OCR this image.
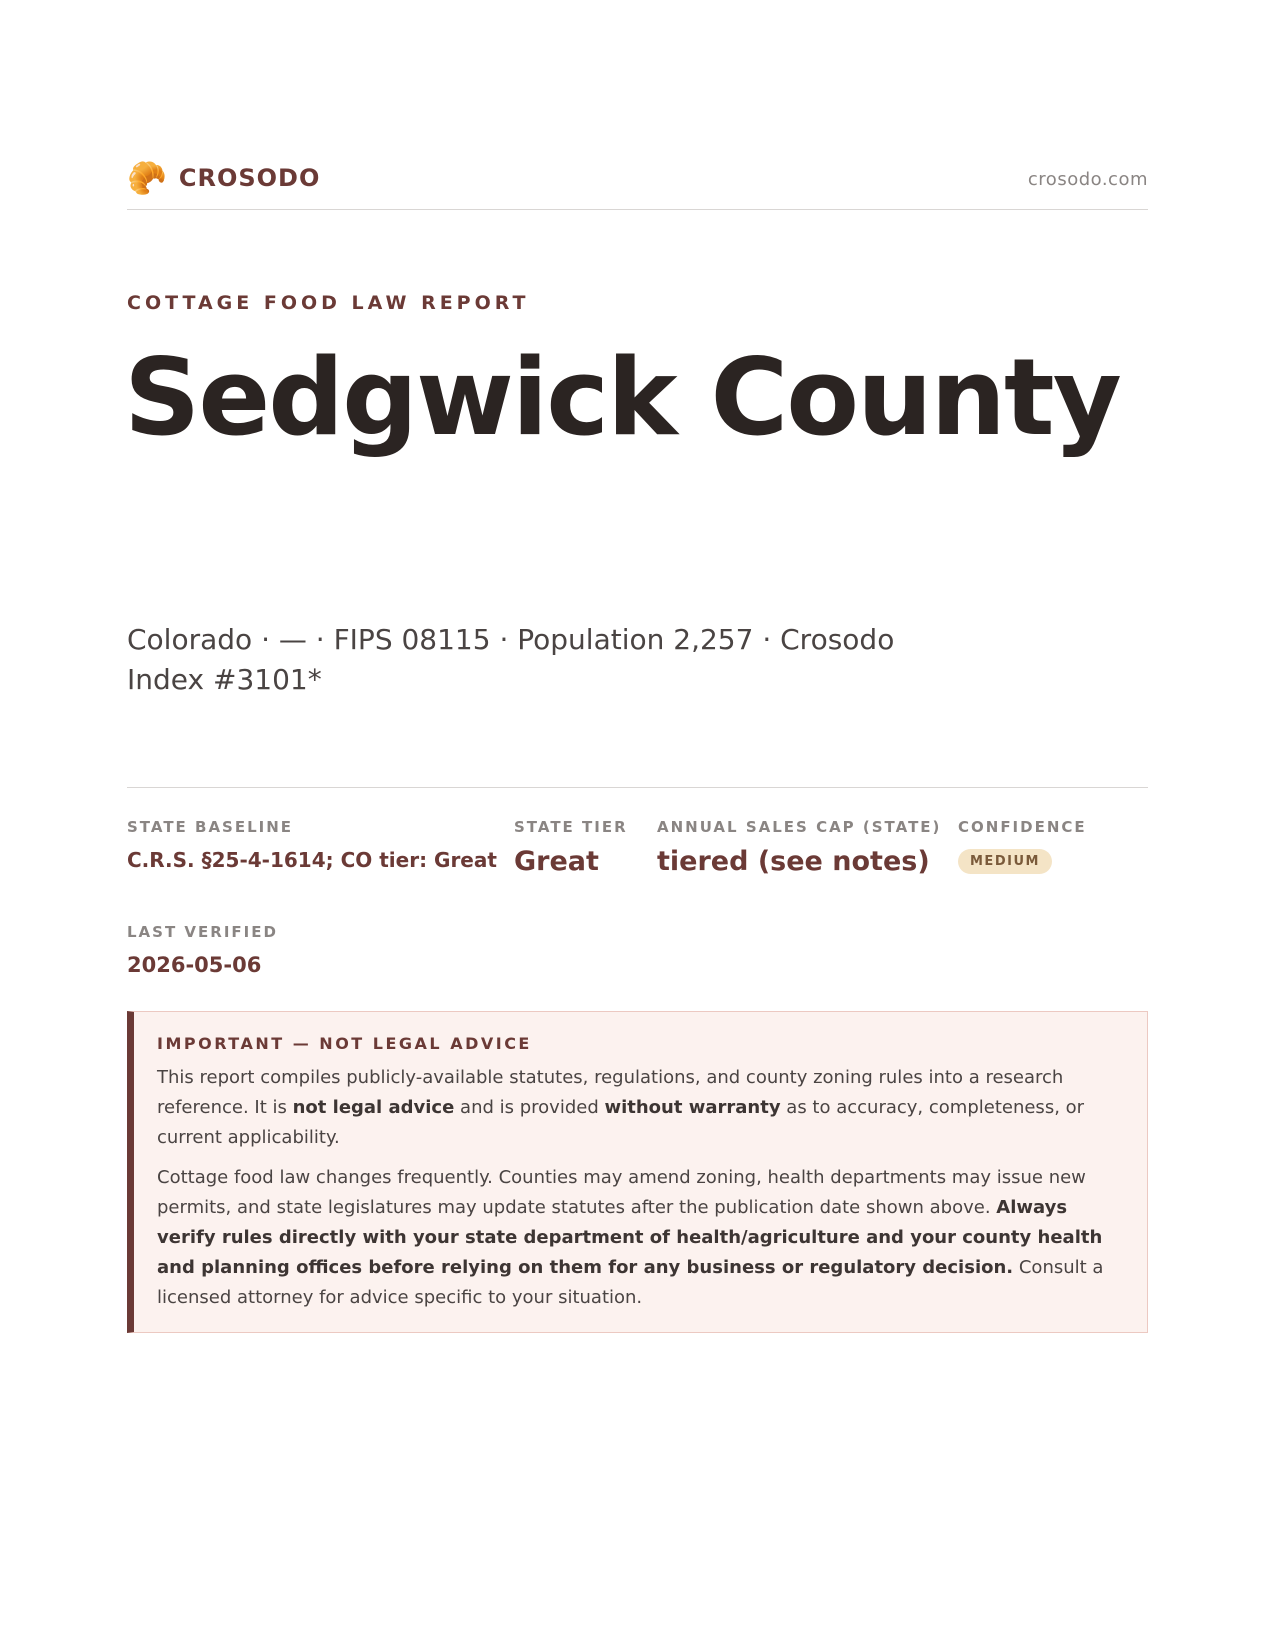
🥐 CROSODO	crosodo.com
COTTAGE FOOD LAW REPORT
Sedgwick County
Colorado · — · FIPS 08115 · Population 2,257 · Crosodo Index #3101*
STATE BASELINE
C.R.S. §25-4-1614; CO tier: Great
STATE TIER
Great
ANNUAL SALES CAP (STATE)
tiered (see notes)
CONFIDENCE
MEDIUM
LAST VERIFIED
2026-05-06
IMPORTANT — NOT LEGAL ADVICE

This report compiles publicly-available statutes, regulations, and county zoning rules into a research reference. It is not legal advice and is provided without warranty as to accuracy, completeness, or current applicability.

Cottage food law changes frequently. Counties may amend zoning, health departments may issue new permits, and state legislatures may update statutes after the publication date shown above. Always verify rules directly with your state department of health/agriculture and your county health and planning offices before relying on them for any business or regulatory decision. Consult a licensed attorney for advice specific to your situation.
